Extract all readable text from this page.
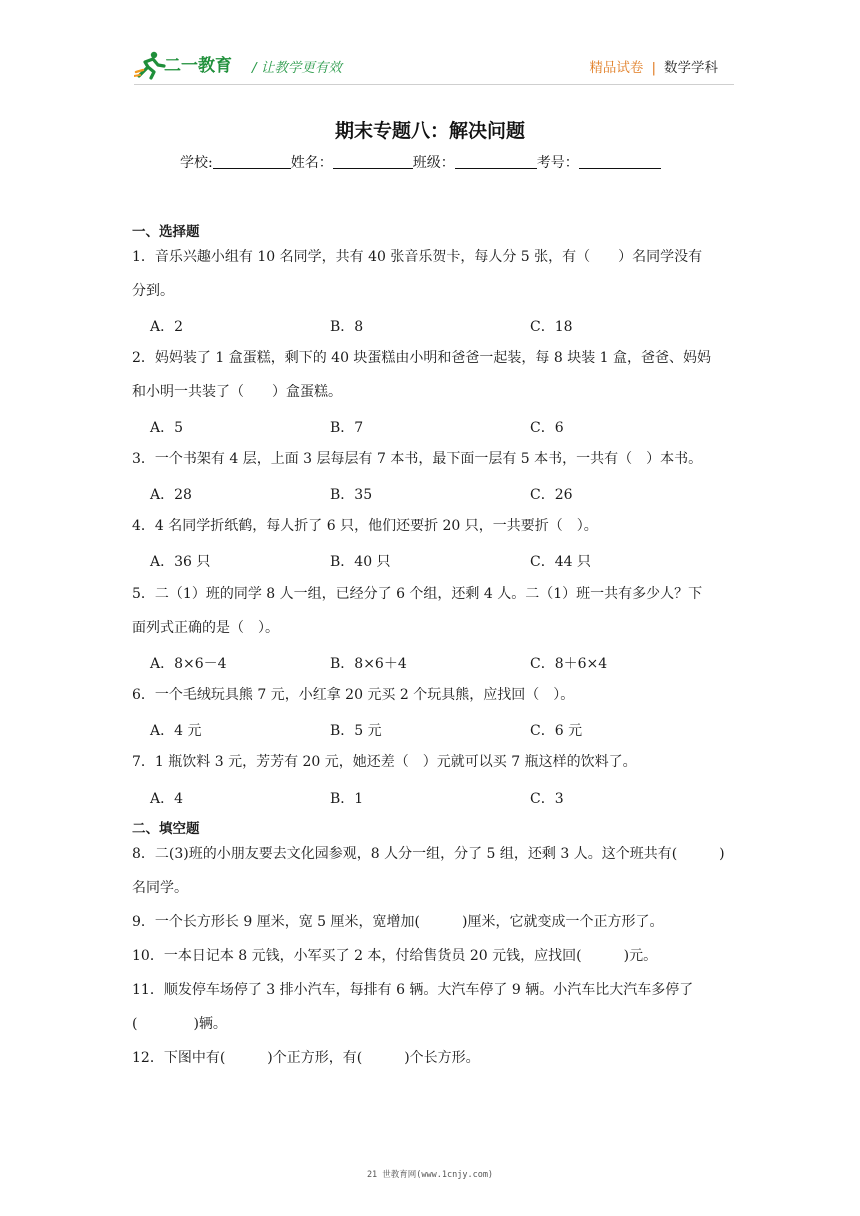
二一教育 / 让教学更有效	精品试卷 | 数学学科
期末专题八：解决问题
学校:	姓名：	班级：	考号：
一、选择题
1．音乐兴趣小组有 10 名同学，共有 40 张音乐贺卡，每人分 5 张，有（　　）名同学没有
分到。
A．2	B．8	C．18
2．妈妈装了 1 盒蛋糕，剩下的 40 块蛋糕由小明和爸爸一起装，每 8 块装 1 盒，爸爸、妈妈
和小明一共装了（　　）盒蛋糕。
A．5	B．7	C．6
3．一个书架有 4 层，上面 3 层每层有 7 本书，最下面一层有 5 本书，一共有（　）本书。
A．28	B．35	C．26
4．4 名同学折纸鹤，每人折了 6 只，他们还要折 20 只，一共要折（　）。
A．36 只	B．40 只	C．44 只
5．二（1）班的同学 8 人一组，已经分了 6 个组，还剩 4 人。二（1）班一共有多少人？下
面列式正确的是（　）。
A．8×6－4	B．8×6＋4	C．8＋6×4
6．一个毛绒玩具熊 7 元，小红拿 20 元买 2 个玩具熊，应找回（　）。
A．4 元	B．5 元	C．6 元
7．1 瓶饮料 3 元，芳芳有 20 元，她还差（　）元就可以买 7 瓶这样的饮料了。
A．4	B．1	C．3
二、填空题
8．二(3)班的小朋友要去文化园参观，8 人分一组，分了 5 组，还剩 3 人。这个班共有(　　　)
名同学。
9．一个长方形长 9 厘米，宽 5 厘米，宽增加(　　　)厘米，它就变成一个正方形了。
10．一本日记本 8 元钱，小军买了 2 本，付给售货员 20 元钱，应找回(　　　)元。
11．顺发停车场停了 3 排小汽车，每排有 6 辆。大汽车停了 9 辆。小汽车比大汽车多停了
(　　　　)辆。
12．下图中有(　　　)个正方形，有(　　　)个长方形。
21 世教育网(www.1cnjy.com)
